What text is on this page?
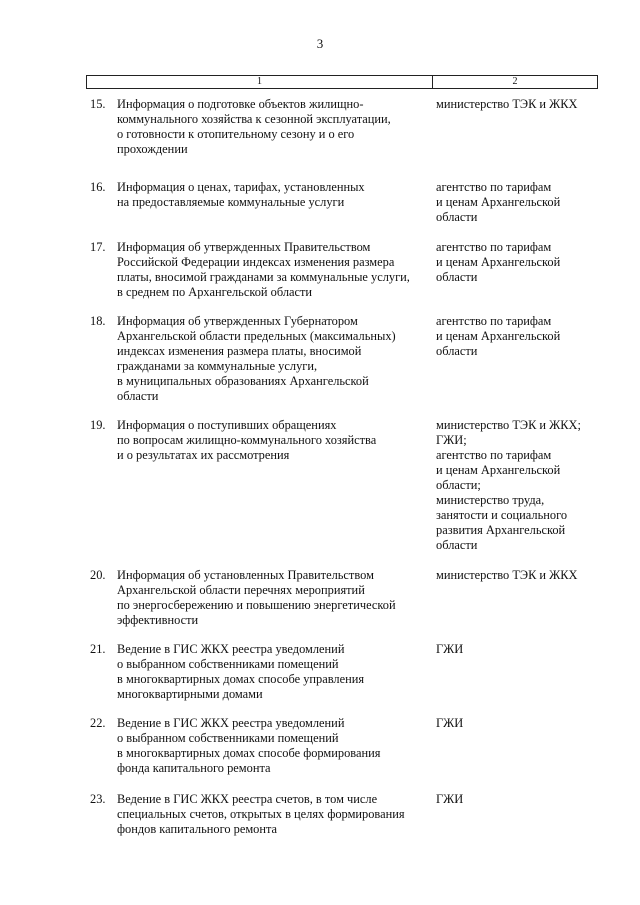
3
1	2
15. Информация о подготовке объектов жилищно-
коммунального хозяйства к сезонной эксплуатации,
о готовности к отопительному сезону и о его
прохождении
министерство ТЭК и ЖКХ
16. Информация о ценах, тарифах, установленных
на предоставляемые коммунальные услуги
агентство по тарифам
и ценам Архангельской
области
17. Информация об утвержденных Правительством
Российской Федерации индексах изменения размера
платы, вносимой гражданами за коммунальные услуги,
в среднем по Архангельской области
агентство по тарифам
и ценам Архангельской
области
18. Информация об утвержденных Губернатором
Архангельской области предельных (максимальных)
индексах изменения размера платы, вносимой
гражданами за коммунальные услуги,
в муниципальных образованиях Архангельской
области
агентство по тарифам
и ценам Архангельской
области
19. Информация о поступивших обращениях
по вопросам жилищно-коммунального хозяйства
и о результатах их рассмотрения
министерство ТЭК и ЖКХ;
ГЖИ;
агентство по тарифам
и ценам Архангельской
области;
министерство труда,
занятости и социального
развития Архангельской
области
20. Информация об установленных Правительством
Архангельской области перечнях мероприятий
по энергосбережению и повышению энергетической
эффективности
министерство ТЭК и ЖКХ
21. Ведение в ГИС ЖКХ реестра уведомлений
о выбранном собственниками помещений
в многоквартирных домах способе управления
многоквартирными домами
ГЖИ
22. Ведение в ГИС ЖКХ реестра уведомлений
о выбранном собственниками помещений
в многоквартирных домах способе формирования
фонда капитального ремонта
ГЖИ
23. Ведение в ГИС ЖКХ реестра счетов, в том числе
специальных счетов, открытых в целях формирования
фондов капитального ремонта
ГЖИ
